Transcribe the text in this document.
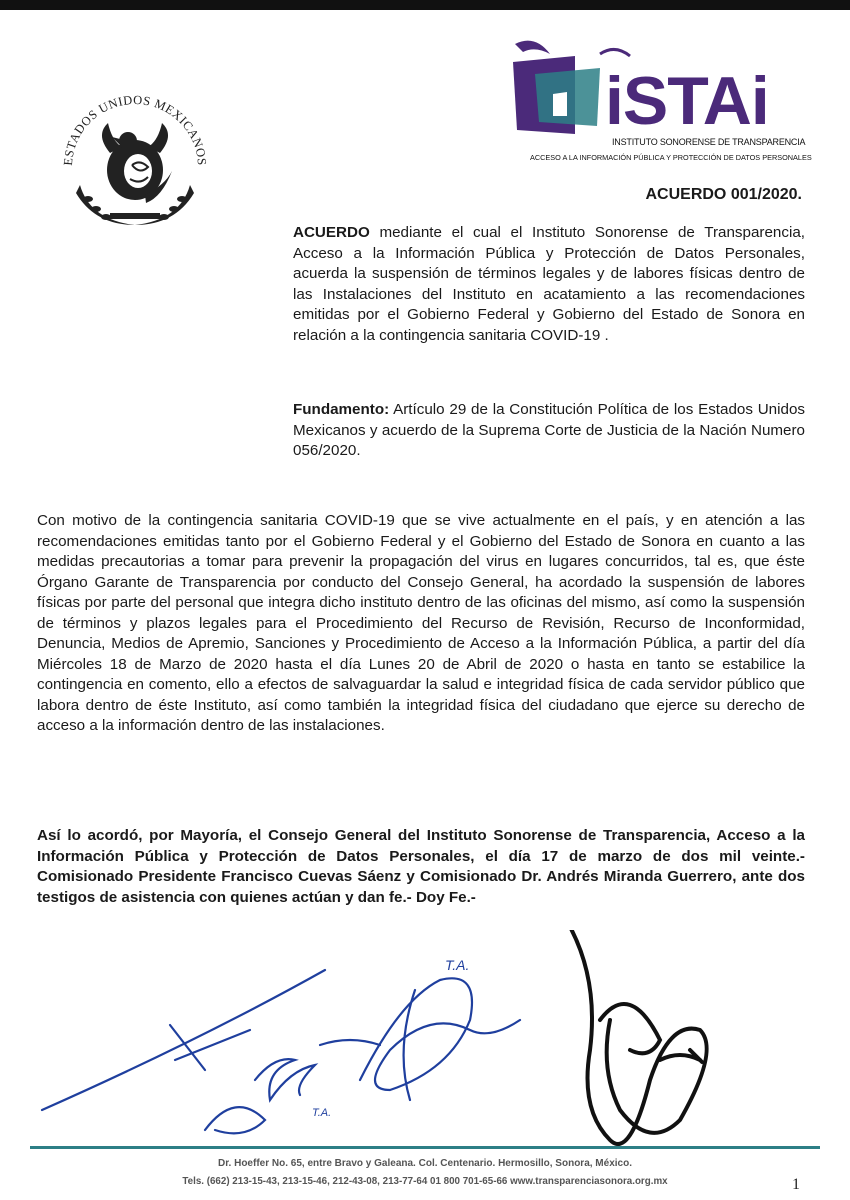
ESTADOS UNIDOS MEXICANOS
iSTAi
INSTITUTO SONORENSE DE TRANSPARENCIA
ACCESO A LA INFORMACIÓN PÚBLICA Y PROTECCIÓN DE DATOS PERSONALES
ACUERDO 001/2020.
ACUERDO mediante el cual el Instituto Sonorense de Transparencia, Acceso a la Información Pública y Protección de Datos Personales, acuerda la suspensión de términos legales y de labores físicas dentro de las Instalaciones del Instituto en acatamiento a las recomendaciones emitidas por el Gobierno Federal y Gobierno del Estado de Sonora en relación a la contingencia sanitaria COVID-19 .
Fundamento: Artículo 29 de la Constitución Política de los Estados Unidos Mexicanos y acuerdo de la Suprema Corte de Justicia de la Nación Numero 056/2020.
Con motivo de la contingencia sanitaria COVID-19 que se vive actualmente en el país, y en atención a las recomendaciones emitidas tanto por el Gobierno Federal y el Gobierno del Estado de Sonora en cuanto a las medidas precautorias a tomar para prevenir la propagación del virus en lugares concurridos, tal es, que éste Órgano Garante de Transparencia por conducto del Consejo General, ha acordado la suspensión de labores físicas por parte del personal que integra dicho instituto dentro de las oficinas del mismo, así como la suspensión de términos y plazos legales para el Procedimiento del Recurso de Revisión, Recurso de Inconformidad, Denuncia, Medios de Apremio, Sanciones y Procedimiento de Acceso a la Información Pública, a partir del día Miércoles 18 de Marzo de 2020 hasta el día Lunes 20 de Abril de 2020 o hasta en tanto se estabilice la contingencia en comento, ello a efectos de salvaguardar la salud e integridad física de cada servidor público que labora dentro de éste Instituto, así como también la integridad física del ciudadano que ejerce su derecho de acceso a la información dentro de las instalaciones.
Así lo acordó, por Mayoría, el Consejo General del Instituto Sonorense de Transparencia, Acceso a la Información Pública y Protección de Datos Personales, el día 17 de marzo de dos mil veinte.- Comisionado Presidente Francisco Cuevas Sáenz y Comisionado Dr. Andrés Miranda Guerrero, ante dos testigos de asistencia con quienes actúan y dan fe.- Doy Fe.-
T.A.
T.A.
Dr. Hoeffer No. 65, entre Bravo y Galeana. Col. Centenario. Hermosillo, Sonora, México.
Tels. (662) 213-15-43, 213-15-46, 212-43-08, 213-77-64 01 800 701-65-66 www.transparenciasonora.org.mx	1
